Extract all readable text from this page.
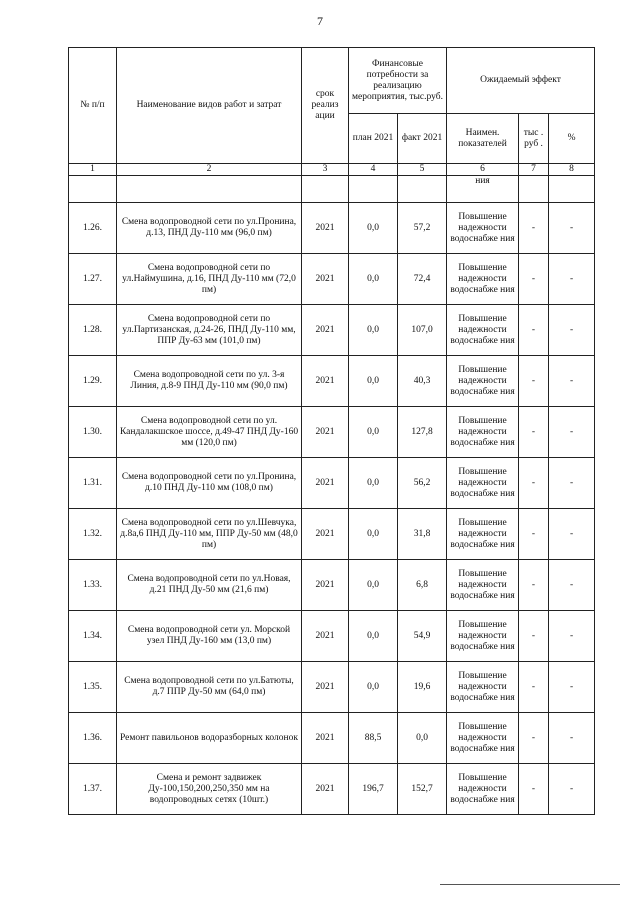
7
№ п/п	Наименование видов работ и затрат	срок реализ ации	Финансовые потребности за реализацию мероприятия, тыс.руб.		Ожидаемый эффект		
			план 2021	факт 2021	Наимен. показателей	тыс . руб .	%
1	2	3	4	5	6	7	8
					ния		
1.26.	Смена водопроводной сети по ул.Пронина, д.13, ПНД Ду-110 мм (96,0 пм)	2021	0,0	57,2	Повышение надежности водоснабже ния	-	-
1.27.	Смена водопроводной сети по ул.Наймушина, д.16, ПНД Ду-110 мм (72,0 пм)	2021	0,0	72,4	Повышение надежности водоснабже ния	-	-
1.28.	Смена водопроводной сети по ул.Партизанская, д.24-26, ПНД Ду-110 мм, ППР Ду-63 мм (101,0 пм)	2021	0,0	107,0	Повышение надежности водоснабже ния	-	-
1.29.	Смена водопроводной сети по ул. 3-я Линия, д.8-9 ПНД Ду-110 мм (90,0 пм)	2021	0,0	40,3	Повышение надежности водоснабже ния	-	-
1.30.	Смена водопроводной сети по ул. Кандалакшское шоссе, д.49-47 ПНД Ду-160 мм (120,0 пм)	2021	0,0	127,8	Повышение надежности водоснабже ния	-	-
1.31.	Смена водопроводной сети по ул.Пронина, д.10 ПНД Ду-110 мм (108,0 пм)	2021	0,0	56,2	Повышение надежности водоснабже ния	-	-
1.32.	Смена водопроводной сети по ул.Шевчука, д.8а,6 ПНД Ду-110 мм, ППР Ду-50 мм (48,0 пм)	2021	0,0	31,8	Повышение надежности водоснабже ния	-	-
1.33.	Смена водопроводной сети по ул.Новая, д.21 ПНД Ду-50 мм (21,6 пм)	2021	0,0	6,8	Повышение надежности водоснабже ния	-	-
1.34.	Смена водопроводной сети ул. Морской узел ПНД Ду-160 мм (13,0 пм)	2021	0,0	54,9	Повышение надежности водоснабже ния	-	-
1.35.	Смена водопроводной сети по ул.Батюты, д.7 ППР Ду-50 мм (64,0 пм)	2021	0,0	19,6	Повышение надежности водоснабже ния	-	-
1.36.	Ремонт павильонов водоразборных колонок	2021	88,5	0,0	Повышение надежности водоснабже ния	-	-
1.37.	Смена и ремонт задвижек Ду-100,150,200,250,350 мм на водопроводных сетях (10шт.)	2021	196,7	152,7	Повышение надежности водоснабже ния	-	-
